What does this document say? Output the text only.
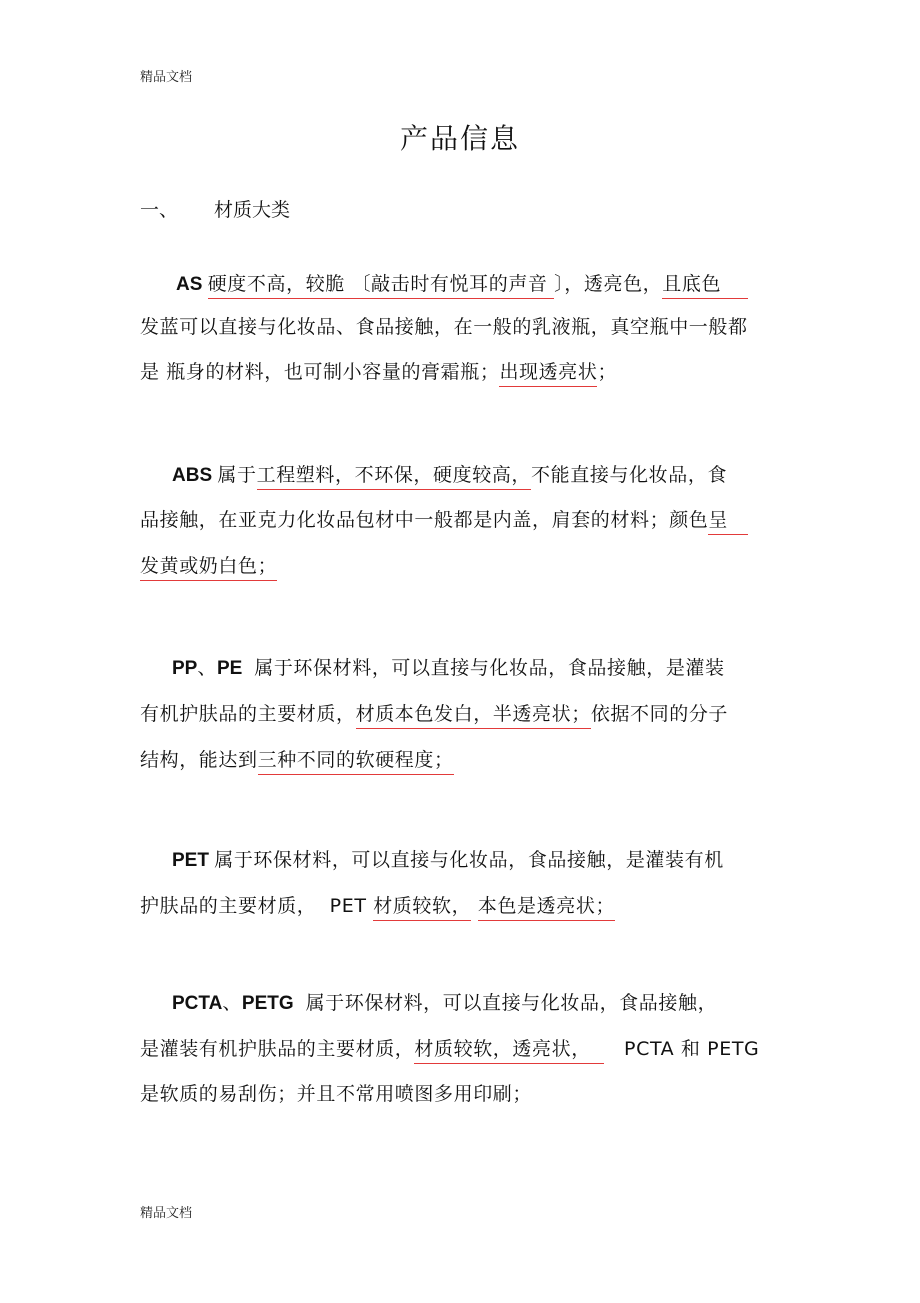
精品文档
产品信息
一、 材质大类
AS 硬度不高，较脆 〔敲击时有悦耳的声音 〕，透亮色，且底色
发蓝可以直接与化妆品、食品接触，在一般的乳液瓶，真空瓶中一般都
是 瓶身的材料，也可制小容量的膏霜瓶；出现透亮状；
ABS 属于工程塑料，不环保，硬度较高，不能直接与化妆品，食
品接触，在亚克力化妆品包材中一般都是内盖，肩套的材料；颜色呈
发黄或奶白色；
PP、PE  属于环保材料，可以直接与化妆品，食品接触，是灌装
有机护肤品的主要材质，材质本色发白，半透亮状；依据不同的分子
结构，能达到三种不同的软硬程度；
PET 属于环保材料，可以直接与化妆品，食品接触，是灌装有机
护肤品的主要材质，  PET 材质较软， 本色是透亮状；
PCTA、PETG  属于环保材料，可以直接与化妆品，食品接触，
是灌装有机护肤品的主要材质，材质较软，透亮状，     PCTA 和 PETG
是软质的易刮伤；并且不常用喷图多用印刷；
精品文档
